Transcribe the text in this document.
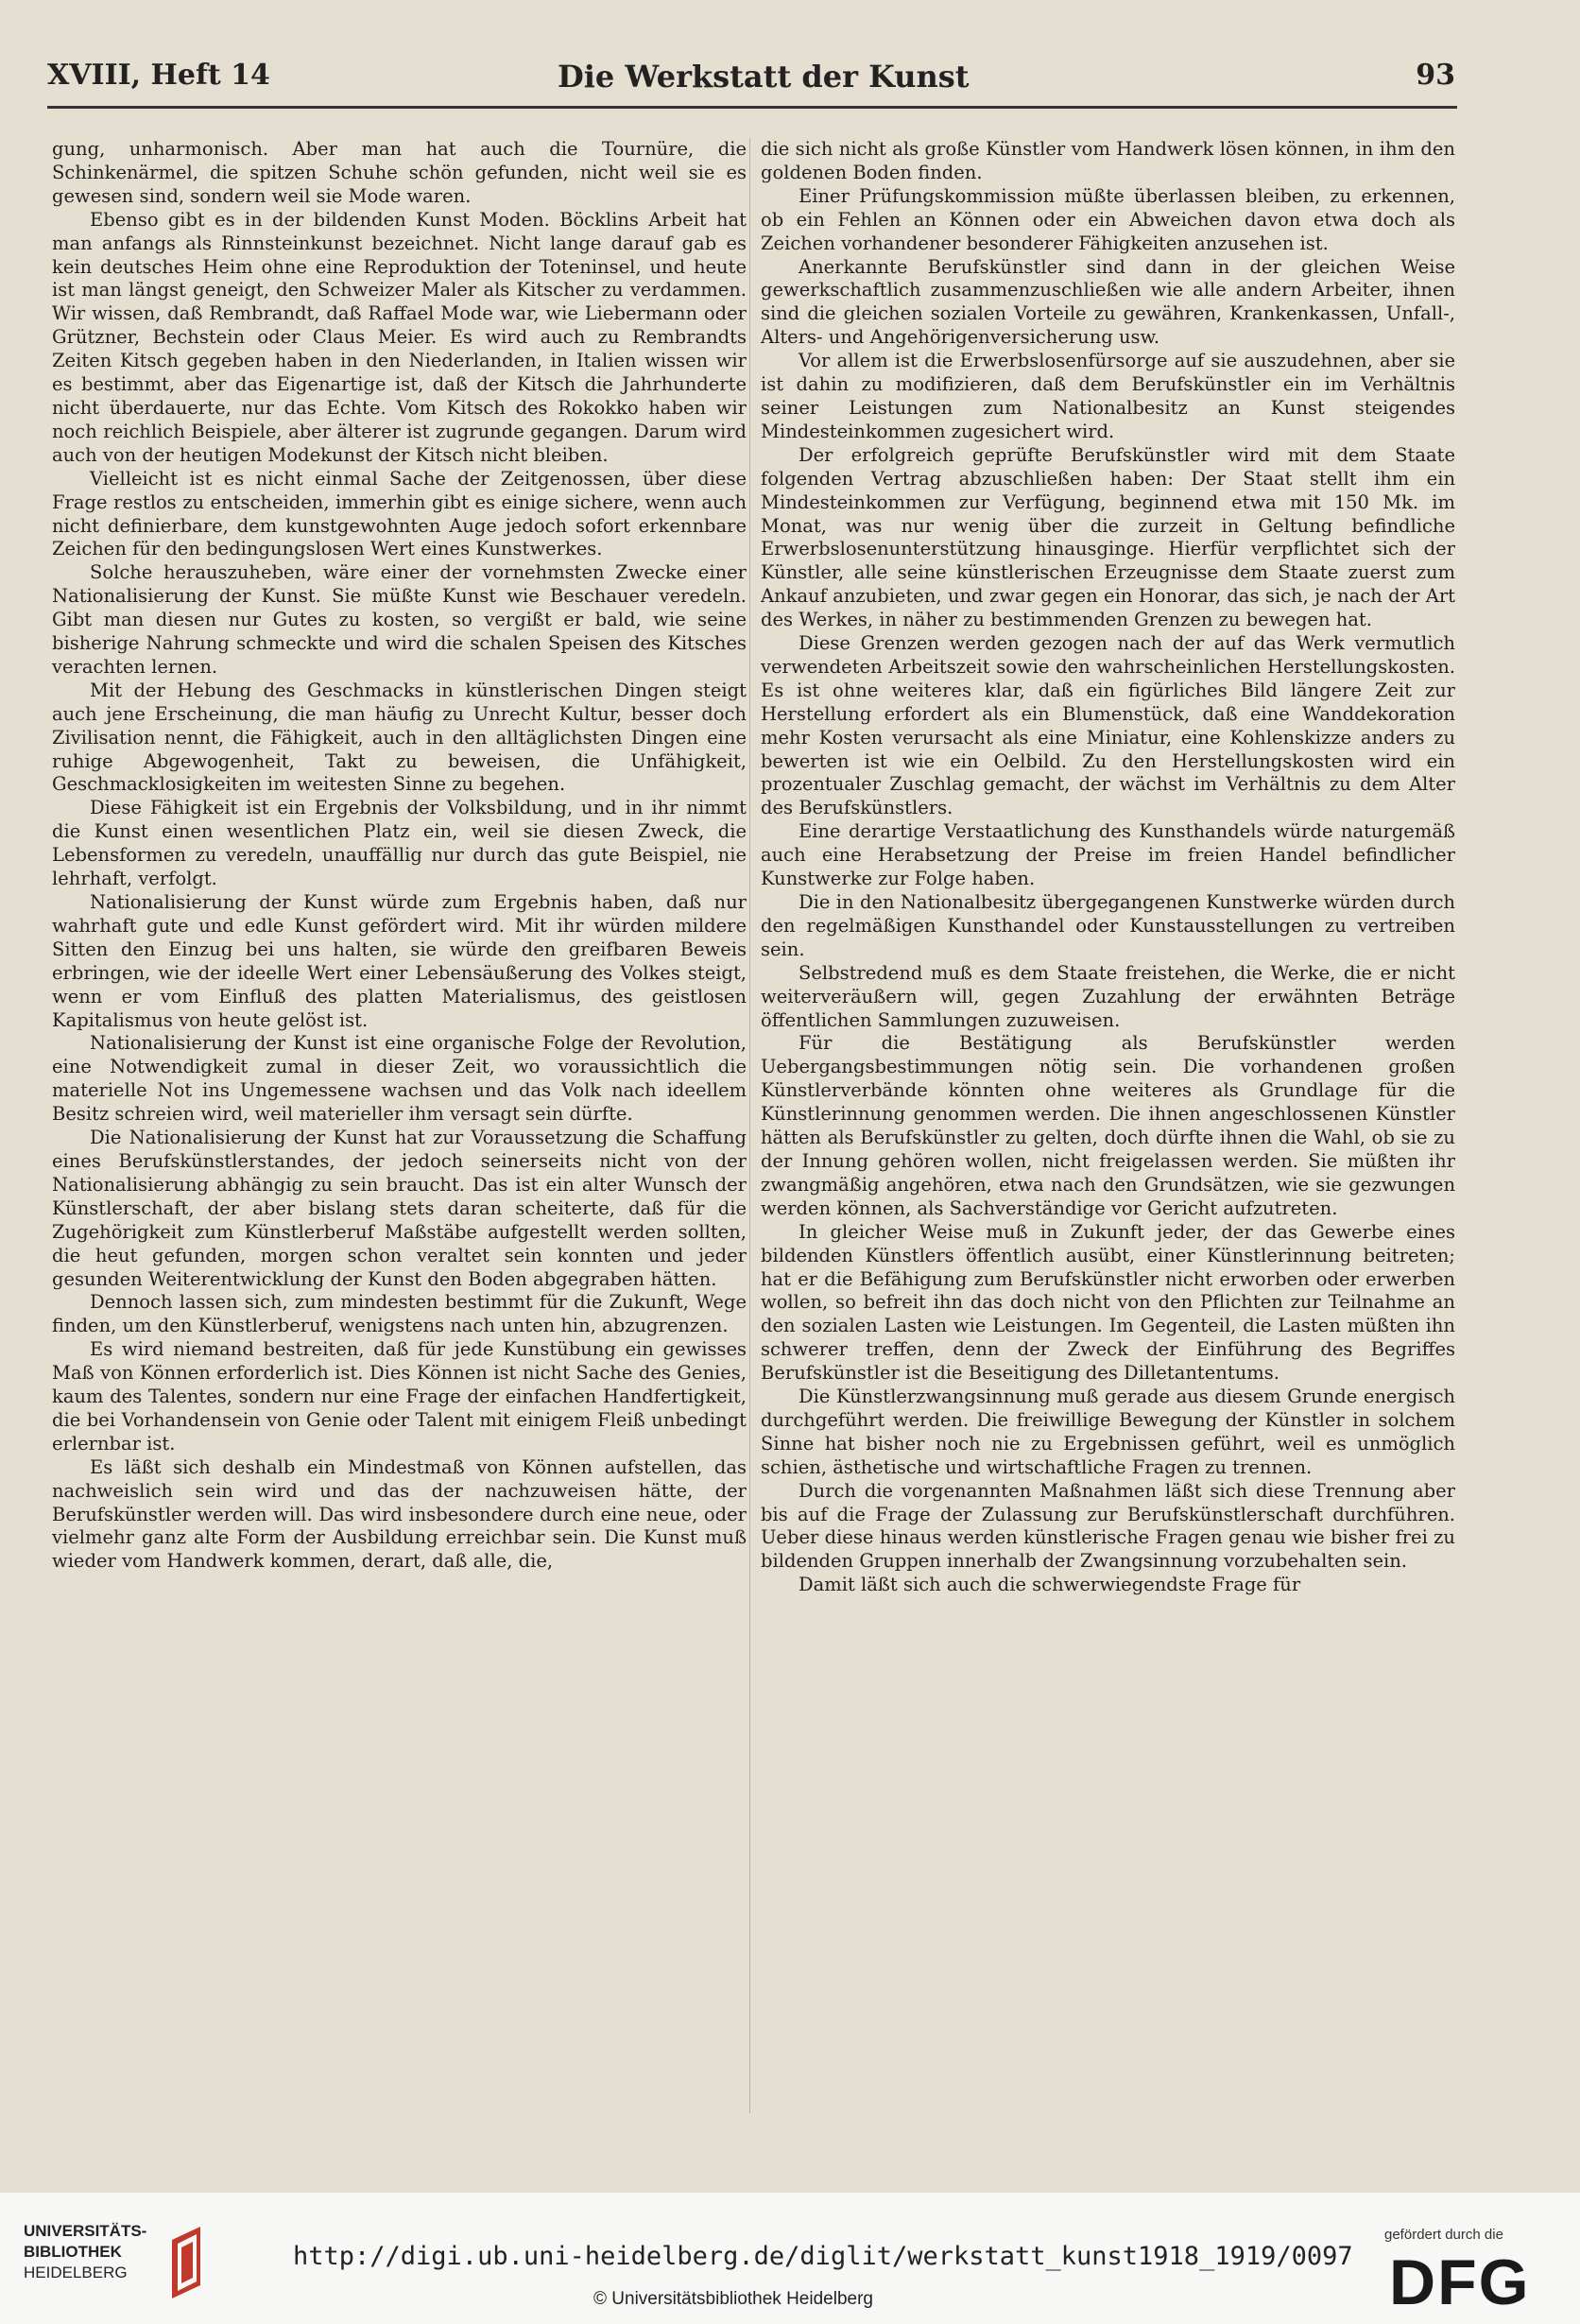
XVIII, Heft 14	Die Werkstatt der Kunst	93

gung, unharmonisch. Aber man hat auch die Tournüre, die Schinkenärmel, die spitzen Schuhe schön gefunden, nicht weil sie es gewesen sind, sondern weil sie Mode waren.

Ebenso gibt es in der bildenden Kunst Moden. Böcklins Arbeit hat man anfangs als Rinnsteinkunst bezeichnet. Nicht lange darauf gab es kein deutsches Heim ohne eine Reproduktion der Toteninsel, und heute ist man längst geneigt, den Schweizer Maler als Kitscher zu verdammen. Wir wissen, daß Rembrandt, daß Raffael Mode war, wie Liebermann oder Grützner, Bechstein oder Claus Meier. Es wird auch zu Rembrandts Zeiten Kitsch gegeben haben in den Niederlanden, in Italien wissen wir es bestimmt, aber das Eigenartige ist, daß der Kitsch die Jahrhunderte nicht überdauerte, nur das Echte. Vom Kitsch des Rokokko haben wir noch reichlich Beispiele, aber älterer ist zugrunde gegangen. Darum wird auch von der heutigen Modekunst der Kitsch nicht bleiben.

Vielleicht ist es nicht einmal Sache der Zeitgenossen, über diese Frage restlos zu entscheiden, immerhin gibt es einige sichere, wenn auch nicht definierbare, dem kunstgewohnten Auge jedoch sofort erkennbare Zeichen für den bedingungslosen Wert eines Kunstwerkes.

Solche herauszuheben, wäre einer der vornehmsten Zwecke einer Nationalisierung der Kunst. Sie müßte Kunst wie Beschauer veredeln. Gibt man diesen nur Gutes zu kosten, so vergißt er bald, wie seine bisherige Nahrung schmeckte und wird die schalen Speisen des Kitsches verachten lernen.

Mit der Hebung des Geschmacks in künstlerischen Dingen steigt auch jene Erscheinung, die man häufig zu Unrecht Kultur, besser doch Zivilisation nennt, die Fähigkeit, auch in den alltäglichsten Dingen eine ruhige Abgewogenheit, Takt zu beweisen, die Unfähigkeit, Geschmacklosigkeiten im weitesten Sinne zu begehen.

Diese Fähigkeit ist ein Ergebnis der Volksbildung, und in ihr nimmt die Kunst einen wesentlichen Platz ein, weil sie diesen Zweck, die Lebensformen zu veredeln, unauffällig nur durch das gute Beispiel, nie lehrhaft, verfolgt.

Nationalisierung der Kunst würde zum Ergebnis haben, daß nur wahrhaft gute und edle Kunst gefördert wird. Mit ihr würden mildere Sitten den Einzug bei uns halten, sie würde den greifbaren Beweis erbringen, wie der ideelle Wert einer Lebensäußerung des Volkes steigt, wenn er vom Einfluß des platten Materialismus, des geistlosen Kapitalismus von heute gelöst ist.

Nationalisierung der Kunst ist eine organische Folge der Revolution, eine Notwendigkeit zumal in dieser Zeit, wo voraussichtlich die materielle Not ins Ungemessene wachsen und das Volk nach ideellem Besitz schreien wird, weil materieller ihm versagt sein dürfte.

Die Nationalisierung der Kunst hat zur Voraussetzung die Schaffung eines Berufskünstlerstandes, der jedoch seinerseits nicht von der Nationalisierung abhängig zu sein braucht. Das ist ein alter Wunsch der Künstlerschaft, der aber bislang stets daran scheiterte, daß für die Zugehörigkeit zum Künstlerberuf Maßstäbe aufgestellt werden sollten, die heut gefunden, morgen schon veraltet sein konnten und jeder gesunden Weiterentwicklung der Kunst den Boden abgegraben hätten.

Dennoch lassen sich, zum mindesten bestimmt für die Zukunft, Wege finden, um den Künstlerberuf, wenigstens nach unten hin, abzugrenzen.

Es wird niemand bestreiten, daß für jede Kunstübung ein gewisses Maß von Können erforderlich ist. Dies Können ist nicht Sache des Genies, kaum des Talentes, sondern nur eine Frage der einfachen Handfertigkeit, die bei Vorhandensein von Genie oder Talent mit einigem Fleiß unbedingt erlernbar ist.

Es läßt sich deshalb ein Mindestmaß von Können aufstellen, das nachweislich sein wird und das der nachzuweisen hätte, der Berufskünstler werden will. Das wird insbesondere durch eine neue, oder vielmehr ganz alte Form der Ausbildung erreichbar sein. Die Kunst muß wieder vom Handwerk kommen, derart, daß alle, die,

die sich nicht als große Künstler vom Handwerk lösen können, in ihm den goldenen Boden finden.

Einer Prüfungskommission müßte überlassen bleiben, zu erkennen, ob ein Fehlen an Können oder ein Abweichen davon etwa doch als Zeichen vorhandener besonderer Fähigkeiten anzusehen ist.

Anerkannte Berufskünstler sind dann in der gleichen Weise gewerkschaftlich zusammenzuschließen wie alle andern Arbeiter, ihnen sind die gleichen sozialen Vorteile zu gewähren, Krankenkassen, Unfall-, Alters- und Angehörigenversicherung usw.

Vor allem ist die Erwerbslosenfürsorge auf sie auszudehnen, aber sie ist dahin zu modifizieren, daß dem Berufskünstler ein im Verhältnis seiner Leistungen zum Nationalbesitz an Kunst steigendes Mindesteinkommen zugesichert wird.

Der erfolgreich geprüfte Berufskünstler wird mit dem Staate folgenden Vertrag abzuschließen haben: Der Staat stellt ihm ein Mindesteinkommen zur Verfügung, beginnend etwa mit 150 Mk. im Monat, was nur wenig über die zurzeit in Geltung befindliche Erwerbslosenunterstützung hinausginge. Hierfür verpflichtet sich der Künstler, alle seine künstlerischen Erzeugnisse dem Staate zuerst zum Ankauf anzubieten, und zwar gegen ein Honorar, das sich, je nach der Art des Werkes, in näher zu bestimmenden Grenzen zu bewegen hat.

Diese Grenzen werden gezogen nach der auf das Werk vermutlich verwendeten Arbeitszeit sowie den wahrscheinlichen Herstellungskosten. Es ist ohne weiteres klar, daß ein figürliches Bild längere Zeit zur Herstellung erfordert als ein Blumenstück, daß eine Wanddekoration mehr Kosten verursacht als eine Miniatur, eine Kohlenskizze anders zu bewerten ist wie ein Oelbild. Zu den Herstellungskosten wird ein prozentualer Zuschlag gemacht, der wächst im Verhältnis zu dem Alter des Berufskünstlers.

Eine derartige Verstaatlichung des Kunsthandels würde naturgemäß auch eine Herabsetzung der Preise im freien Handel befindlicher Kunstwerke zur Folge haben.

Die in den Nationalbesitz übergegangenen Kunstwerke würden durch den regelmäßigen Kunsthandel oder Kunstausstellungen zu vertreiben sein.

Selbstredend muß es dem Staate freistehen, die Werke, die er nicht weiterveräußern will, gegen Zuzahlung der erwähnten Beträge öffentlichen Sammlungen zuzuweisen.

Für die Bestätigung als Berufskünstler werden Uebergangsbestimmungen nötig sein. Die vorhandenen großen Künstlerverbände könnten ohne weiteres als Grundlage für die Künstlerinnung genommen werden. Die ihnen angeschlossenen Künstler hätten als Berufskünstler zu gelten, doch dürfte ihnen die Wahl, ob sie zu der Innung gehören wollen, nicht freigelassen werden. Sie müßten ihr zwangmäßig angehören, etwa nach den Grundsätzen, wie sie gezwungen werden können, als Sachverständige vor Gericht aufzutreten.

In gleicher Weise muß in Zukunft jeder, der das Gewerbe eines bildenden Künstlers öffentlich ausübt, einer Künstlerinnung beitreten; hat er die Befähigung zum Berufskünstler nicht erworben oder erwerben wollen, so befreit ihn das doch nicht von den Pflichten zur Teilnahme an den sozialen Lasten wie Leistungen. Im Gegenteil, die Lasten müßten ihn schwerer treffen, denn der Zweck der Einführung des Begriffes Berufskünstler ist die Beseitigung des Dilletantentums.

Die Künstlerzwangsinnung muß gerade aus diesem Grunde energisch durchgeführt werden. Die freiwillige Bewegung der Künstler in solchem Sinne hat bisher noch nie zu Ergebnissen geführt, weil es unmöglich schien, ästhetische und wirtschaftliche Fragen zu trennen.

Durch die vorgenannten Maßnahmen läßt sich diese Trennung aber bis auf die Frage der Zulassung zur Berufskünstlerschaft durchführen. Ueber diese hinaus werden künstlerische Fragen genau wie bisher frei zu bildenden Gruppen innerhalb der Zwangsinnung vorzubehalten sein.

Damit läßt sich auch die schwerwiegendste Frage für

UNIVERSITÄTS-
BIBLIOTHEK
HEIDELBERG
http://digi.ub.uni-heidelberg.de/diglit/werkstatt_kunst1918_1919/0097
© Universitätsbibliothek Heidelberg
gefördert durch die
DFG
